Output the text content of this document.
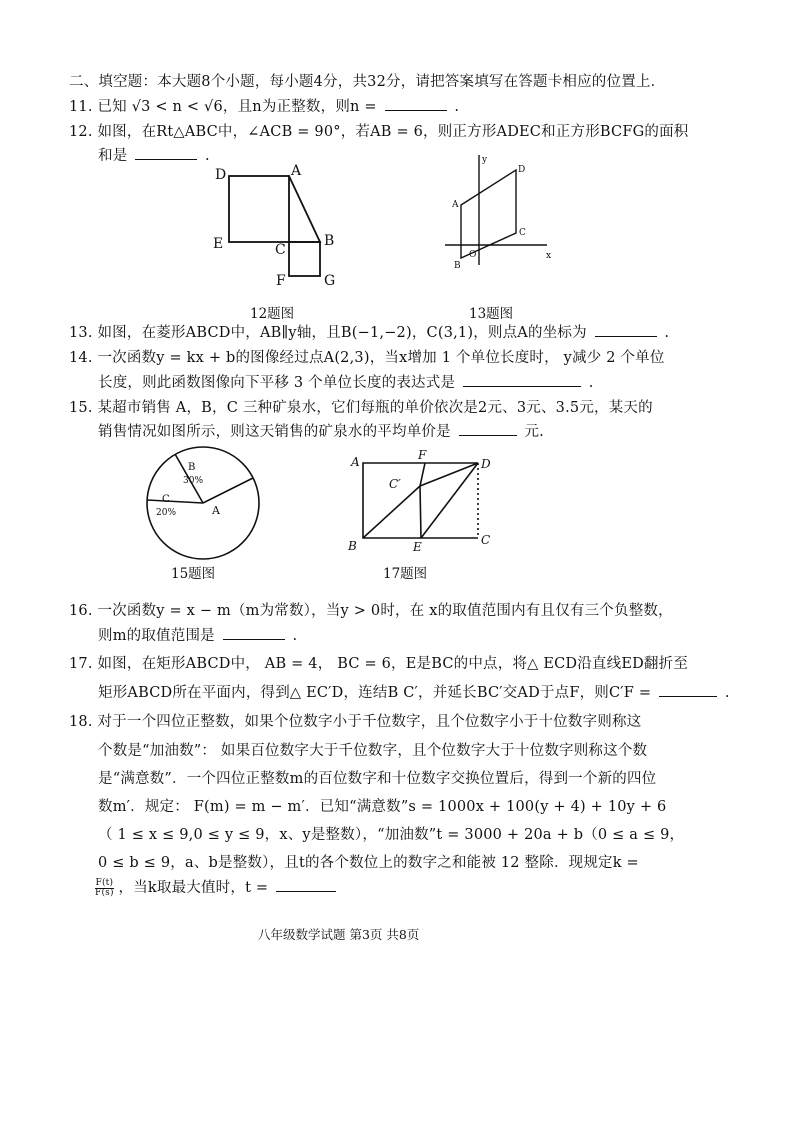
二、填空题：本大题8个小题，每小题4分，共32分，请把答案填写在答题卡相应的位置上．
11. 已知 √3 < n < √6，且n为正整数，则n =	.
12. 如图，在Rt△ABC中，∠ACB = 90°，若AB = 6，则正方形ADEC和正方形BCFG的面积
和是	.
D	A
E	C
B
F	G
12题图
y
x
A
D
C
O
B
13题图
13. 如图，在菱形ABCD中，AB∥y轴，且B(−1,−2)，C(3,1)，则点A的坐标为	.
14. 一次函数y = kx + b的图像经过点A(2,3)，当x增加 1 个单位长度时， y减少 2 个单位
长度，则此函数图像向下平移 3 个单位长度的表达式是	.
15. 某超市销售 A，B，C 三种矿泉水，它们每瓶的单价依次是2元、3元、3.5元，某天的
销售情况如图所示，则这天销售的矿泉水的平均单价是	元.
B
30%
C
20%	A
15题图
A	F
D
C′
B	E	C
17题图
16. 一次函数y = x − m（m为常数），当y > 0时，在 x的取值范围内有且仅有三个负整数，
则m的取值范围是	.
17. 如图，在矩形ABCD中， AB = 4， BC = 6，E是BC的中点，将△ ECD沿直线ED翻折至
矩形ABCD所在平面内，得到△ EC′D，连结B C′，并延长BC′交AD于点F，则C′F =	.
18. 对于一个四位正整数，如果个位数字小于千位数字，且个位数字小于十位数字则称这
个数是“加油数”： 如果百位数字大于千位数字，且个位数字大于十位数字则称这个数
是“满意数”．一个四位正整数m的百位数字和十位数字交换位置后，得到一个新的四位
数m′．规定： F(m) = m − m′．已知“满意数”s = 1000x + 100(y + 4) + 10y + 6
（ 1 ≤ x ≤ 9,0 ≤ y ≤ 9，x、y是整数），“加油数”t = 3000 + 20a + b（0 ≤ a ≤ 9，
0 ≤ b ≤ 9，a、b是整数），且t的各个数位上的数字之和能被 12 整除．现规定k =
$\frac{F(t)}{F(s)}$ ，当k取最大值时，t =
八年级数学试题 第3页 共8页
